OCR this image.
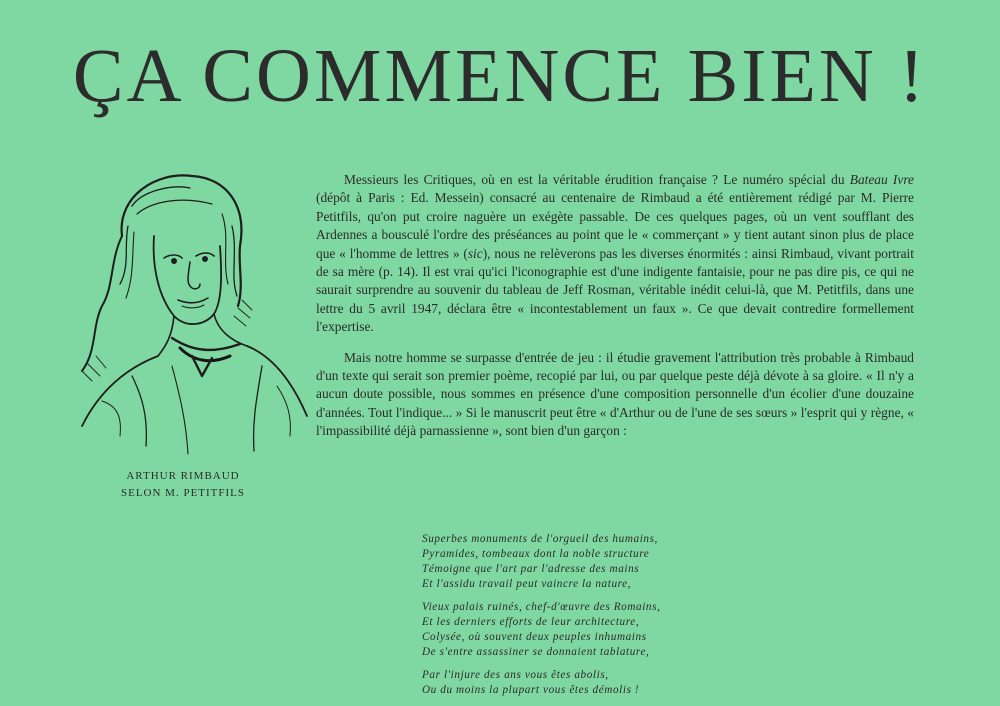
ÇA COMMENCE BIEN !
ARTHUR RIMBAUD
SELON M. PETITFILS

Messieurs les Critiques, où en est la véritable érudition française ? Le numéro spécial du Bateau Ivre (dépôt à Paris : Ed. Messein) consacré au centenaire de Rimbaud a été entièrement rédigé par M. Pierre Petitfils, qu'on put croire naguère un exégète passable. De ces quelques pages, où un vent soufflant des Ardennes a bousculé l'ordre des préséances au point que le « commerçant » y tient autant sinon plus de place que « l'homme de lettres » (sic), nous ne relèverons pas les diverses énormités : ainsi Rimbaud, vivant portrait de sa mère (p. 14). Il est vrai qu'ici l'iconographie est d'une indigente fantaisie, pour ne pas dire pis, ce qui ne saurait surprendre au souvenir du tableau de Jeff Rosman, véritable inédit celui-là, que M. Petitfils, dans une lettre du 5 avril 1947, déclara être « incontestablement un faux ». Ce que devait contredire formellement l'expertise.

Mais notre homme se surpasse d'entrée de jeu : il étudie gravement l'attribution très probable à Rimbaud d'un texte qui serait son premier poème, recopié par lui, ou par quelque peste déjà dévote à sa gloire. « Il n'y a aucun doute possible, nous sommes en présence d'une composition personnelle d'un écolier d'une douzaine d'années. Tout l'indique... » Si le manuscrit peut être « d'Arthur ou de l'une de ses sœurs » l'esprit qui y règne, « l'impassibilité déjà parnassienne », sont bien d'un garçon :

Superbes monuments de l'orgueil des humains,
Pyramides, tombeaux dont la noble structure
Témoigne que l'art par l'adresse des mains
Et l'assidu travail peut vaincre la nature,
Vieux palais ruinés, chef-d'œuvre des Romains,
Et les derniers efforts de leur architecture,
Colysée, où souvent deux peuples inhumains
De s'entre assassiner se donnaient tablature,
Par l'injure des ans vous êtes abolis,
Ou du moins la plupart vous êtes démolis !
